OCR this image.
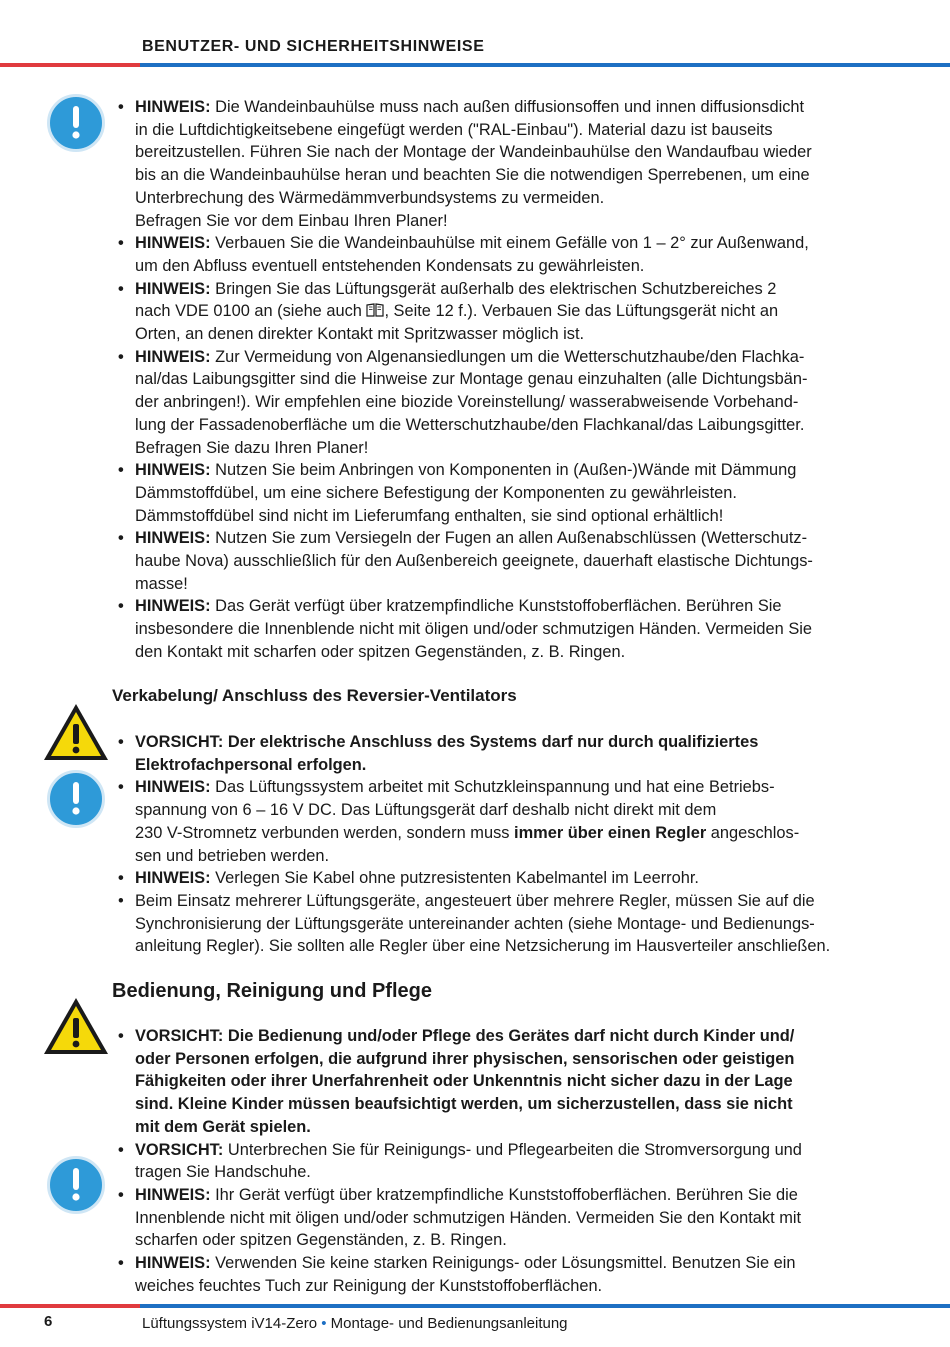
BENUTZER- UND SICHERHEITSHINWEISE
• HINWEIS: Die Wandeinbauhülse muss nach außen diffusionsoffen und innen diffusionsdicht
in die Luftdichtigkeitsebene eingefügt werden ("RAL-Einbau"). Material dazu ist bauseits
bereitzustellen. Führen Sie nach der Montage der Wandeinbauhülse den Wandaufbau wieder
bis an die Wandeinbauhülse heran und beachten Sie die notwendigen Sperrebenen, um eine
Unterbrechung des Wärmedämmverbundsystems zu vermeiden.
Befragen Sie vor dem Einbau Ihren Planer!
• HINWEIS: Verbauen Sie die Wandeinbauhülse mit einem Gefälle von 1 – 2° zur Außenwand,
um den Abfluss eventuell entstehenden Kondensats zu gewährleisten.
• HINWEIS: Bringen Sie das Lüftungsgerät außerhalb des elektrischen Schutzbereiches 2
nach VDE 0100 an (siehe auch , Seite 12 f.). Verbauen Sie das Lüftungsgerät nicht an
Orten, an denen direkter Kontakt mit Spritzwasser möglich ist.
• HINWEIS: Zur Vermeidung von Algenansiedlungen um die Wetterschutzhaube/den Flachka-
nal/das Laibungsgitter sind die Hinweise zur Montage genau einzuhalten (alle Dichtungsbän-
der anbringen!). Wir empfehlen eine biozide Voreinstellung/ wasserabweisende Vorbehand-
lung der Fassadenoberfläche um die Wetterschutzhaube/den Flachkanal/das Laibungsgitter.
Befragen Sie dazu Ihren Planer!
• HINWEIS: Nutzen Sie beim Anbringen von Komponenten in (Außen-)Wände mit Dämmung
Dämmstoffdübel, um eine sichere Befestigung der Komponenten zu gewährleisten.
Dämmstoffdübel sind nicht im Lieferumfang enthalten, sie sind optional erhältlich!
• HINWEIS: Nutzen Sie zum Versiegeln der Fugen an allen Außenabschlüssen (Wetterschutz-
haube Nova) ausschließlich für den Außenbereich geeignete, dauerhaft elastische Dichtungs-
masse!
• HINWEIS: Das Gerät verfügt über kratzempfindliche Kunststoffoberflächen. Berühren Sie
insbesondere die Innenblende nicht mit öligen und/oder schmutzigen Händen. Vermeiden Sie
den Kontakt mit scharfen oder spitzen Gegenständen, z. B. Ringen.
Verkabelung/ Anschluss des Reversier-Ventilators
• VORSICHT: Der elektrische Anschluss des Systems darf nur durch qualifiziertes
Elektrofachpersonal erfolgen.
• HINWEIS: Das Lüftungssystem arbeitet mit Schutzkleinspannung und hat eine Betriebs-
spannung von 6 – 16 V DC. Das Lüftungsgerät darf deshalb nicht direkt mit dem
230 V-Stromnetz verbunden werden, sondern muss immer über einen Regler angeschlos-
sen und betrieben werden.
• HINWEIS: Verlegen Sie Kabel ohne putzresistenten Kabelmantel im Leerrohr.
• Beim Einsatz mehrerer Lüftungsgeräte, angesteuert über mehrere Regler, müssen Sie auf die
Synchronisierung der Lüftungsgeräte untereinander achten (siehe Montage- und Bedienungs-
anleitung Regler). Sie sollten alle Regler über eine Netzsicherung im Hausverteiler anschließen.
Bedienung, Reinigung und Pflege
• VORSICHT: Die Bedienung und/oder Pflege des Gerätes darf nicht durch Kinder und/
oder Personen erfolgen, die aufgrund ihrer physischen, sensorischen oder geistigen
Fähigkeiten oder ihrer Unerfahrenheit oder Unkenntnis nicht sicher dazu in der Lage
sind. Kleine Kinder müssen beaufsichtigt werden, um sicherzustellen, dass sie nicht
mit dem Gerät spielen.
• VORSICHT: Unterbrechen Sie für Reinigungs- und Pflegearbeiten die Stromversorgung und
tragen Sie Handschuhe.
• HINWEIS: Ihr Gerät verfügt über kratzempfindliche Kunststoffoberflächen. Berühren Sie die
Innenblende nicht mit öligen und/oder schmutzigen Händen. Vermeiden Sie den Kontakt mit
scharfen oder spitzen Gegenständen, z. B. Ringen.
• HINWEIS: Verwenden Sie keine starken Reinigungs- oder Lösungsmittel. Benutzen Sie ein
weiches feuchtes Tuch zur Reinigung der Kunststoffoberflächen.
6	Lüftungssystem iV14-Zero • Montage- und Bedienungsanleitung
